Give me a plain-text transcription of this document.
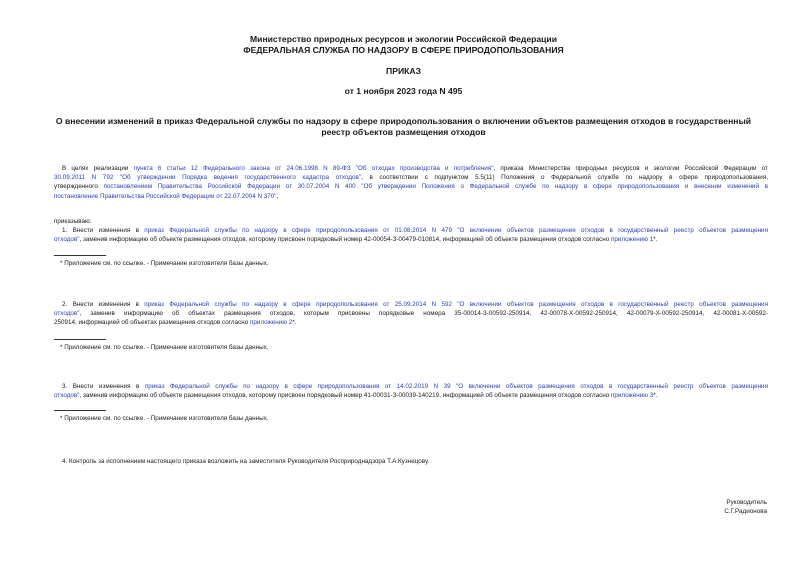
Министерство природных ресурсов и экологии Российской Федерации
ФЕДЕРАЛЬНАЯ СЛУЖБА ПО НАДЗОРУ В СФЕРЕ ПРИРОДОПОЛЬЗОВАНИЯ
ПРИКАЗ
от 1 ноября 2023 года N 495
О внесении изменений в приказ Федеральной службы по надзору в сфере природопользования о включении объектов размещения отходов в государственный
реестр объектов размещения отходов
В целях реализации пункта 6 статьи 12 Федерального закона от 24.06.1998 N 89-ФЗ "Об отходах производства и потребления", приказа Министерства природных ресурсов и экологии Российской Федерации от
30.09.2011 N 792 "Об утверждении Порядка ведения государственного кадастра отходов", в соответствии с подпунктом 5.5(11) Положения о Федеральной службе по надзору в сфере природопользования,
утвержденного постановлением Правительства Российской Федерации от 30.07.2004 N 400 "Об утверждении Положения о Федеральной службе по надзору в сфере природопользования и внесении изменений в
постановление Правительства Российской Федерации от 22.07.2004 N 370",
приказываю:
1. Внести изменения в приказ Федеральной службы по надзору в сфере природопользования от 01.08.2014 N 479 "О включении объектов размещения отходов в государственный реестр объектов размещения
отходов", заменив информацию об объекте размещения отходов, которому присвоен порядковый номер 42-00054-З-00479-010814, информацией об объекте размещения отходов согласно приложению 1*.
* Приложение см. по ссылке. - Примечание изготовителя базы данных.
2. Внести изменения в приказ Федеральной службы по надзору в сфере природопользования от 25.09.2014 N 592 "О включении объектов размещения отходов в государственный реестр объектов размещения
отходов", заменив информацию об объектах размещения отходов, которым присвоены порядковые номера 35-00014-З-00592-250914, 42-00078-Х-00592-250914, 42-00079-Х-00592-250914, 42-00081-Х-00592-
250914, информацией об объектах размещения отходов согласно приложению 2*.
* Приложение см. по ссылке. - Примечание изготовителя базы данных.
3. Внести изменения в приказ Федеральной службы по надзору в сфере природопользования от 14.02.2019 N 39 "О включении объектов размещения отходов в государственный реестр объектов размещения
отходов", заменив информацию об объекте размещения отходов, которому присвоен порядковый номер 41-00031-З-00039-140219, информацией об объекте размещения отходов согласно приложению 3*.
* Приложение см. по ссылке. - Примечание изготовителя базы данных.
4. Контроль за исполнением настоящего приказа возложить на заместителя Руководителя Росприроднадзора Т.А.Кузнецову.
Руководитель
С.Г.Радионова
